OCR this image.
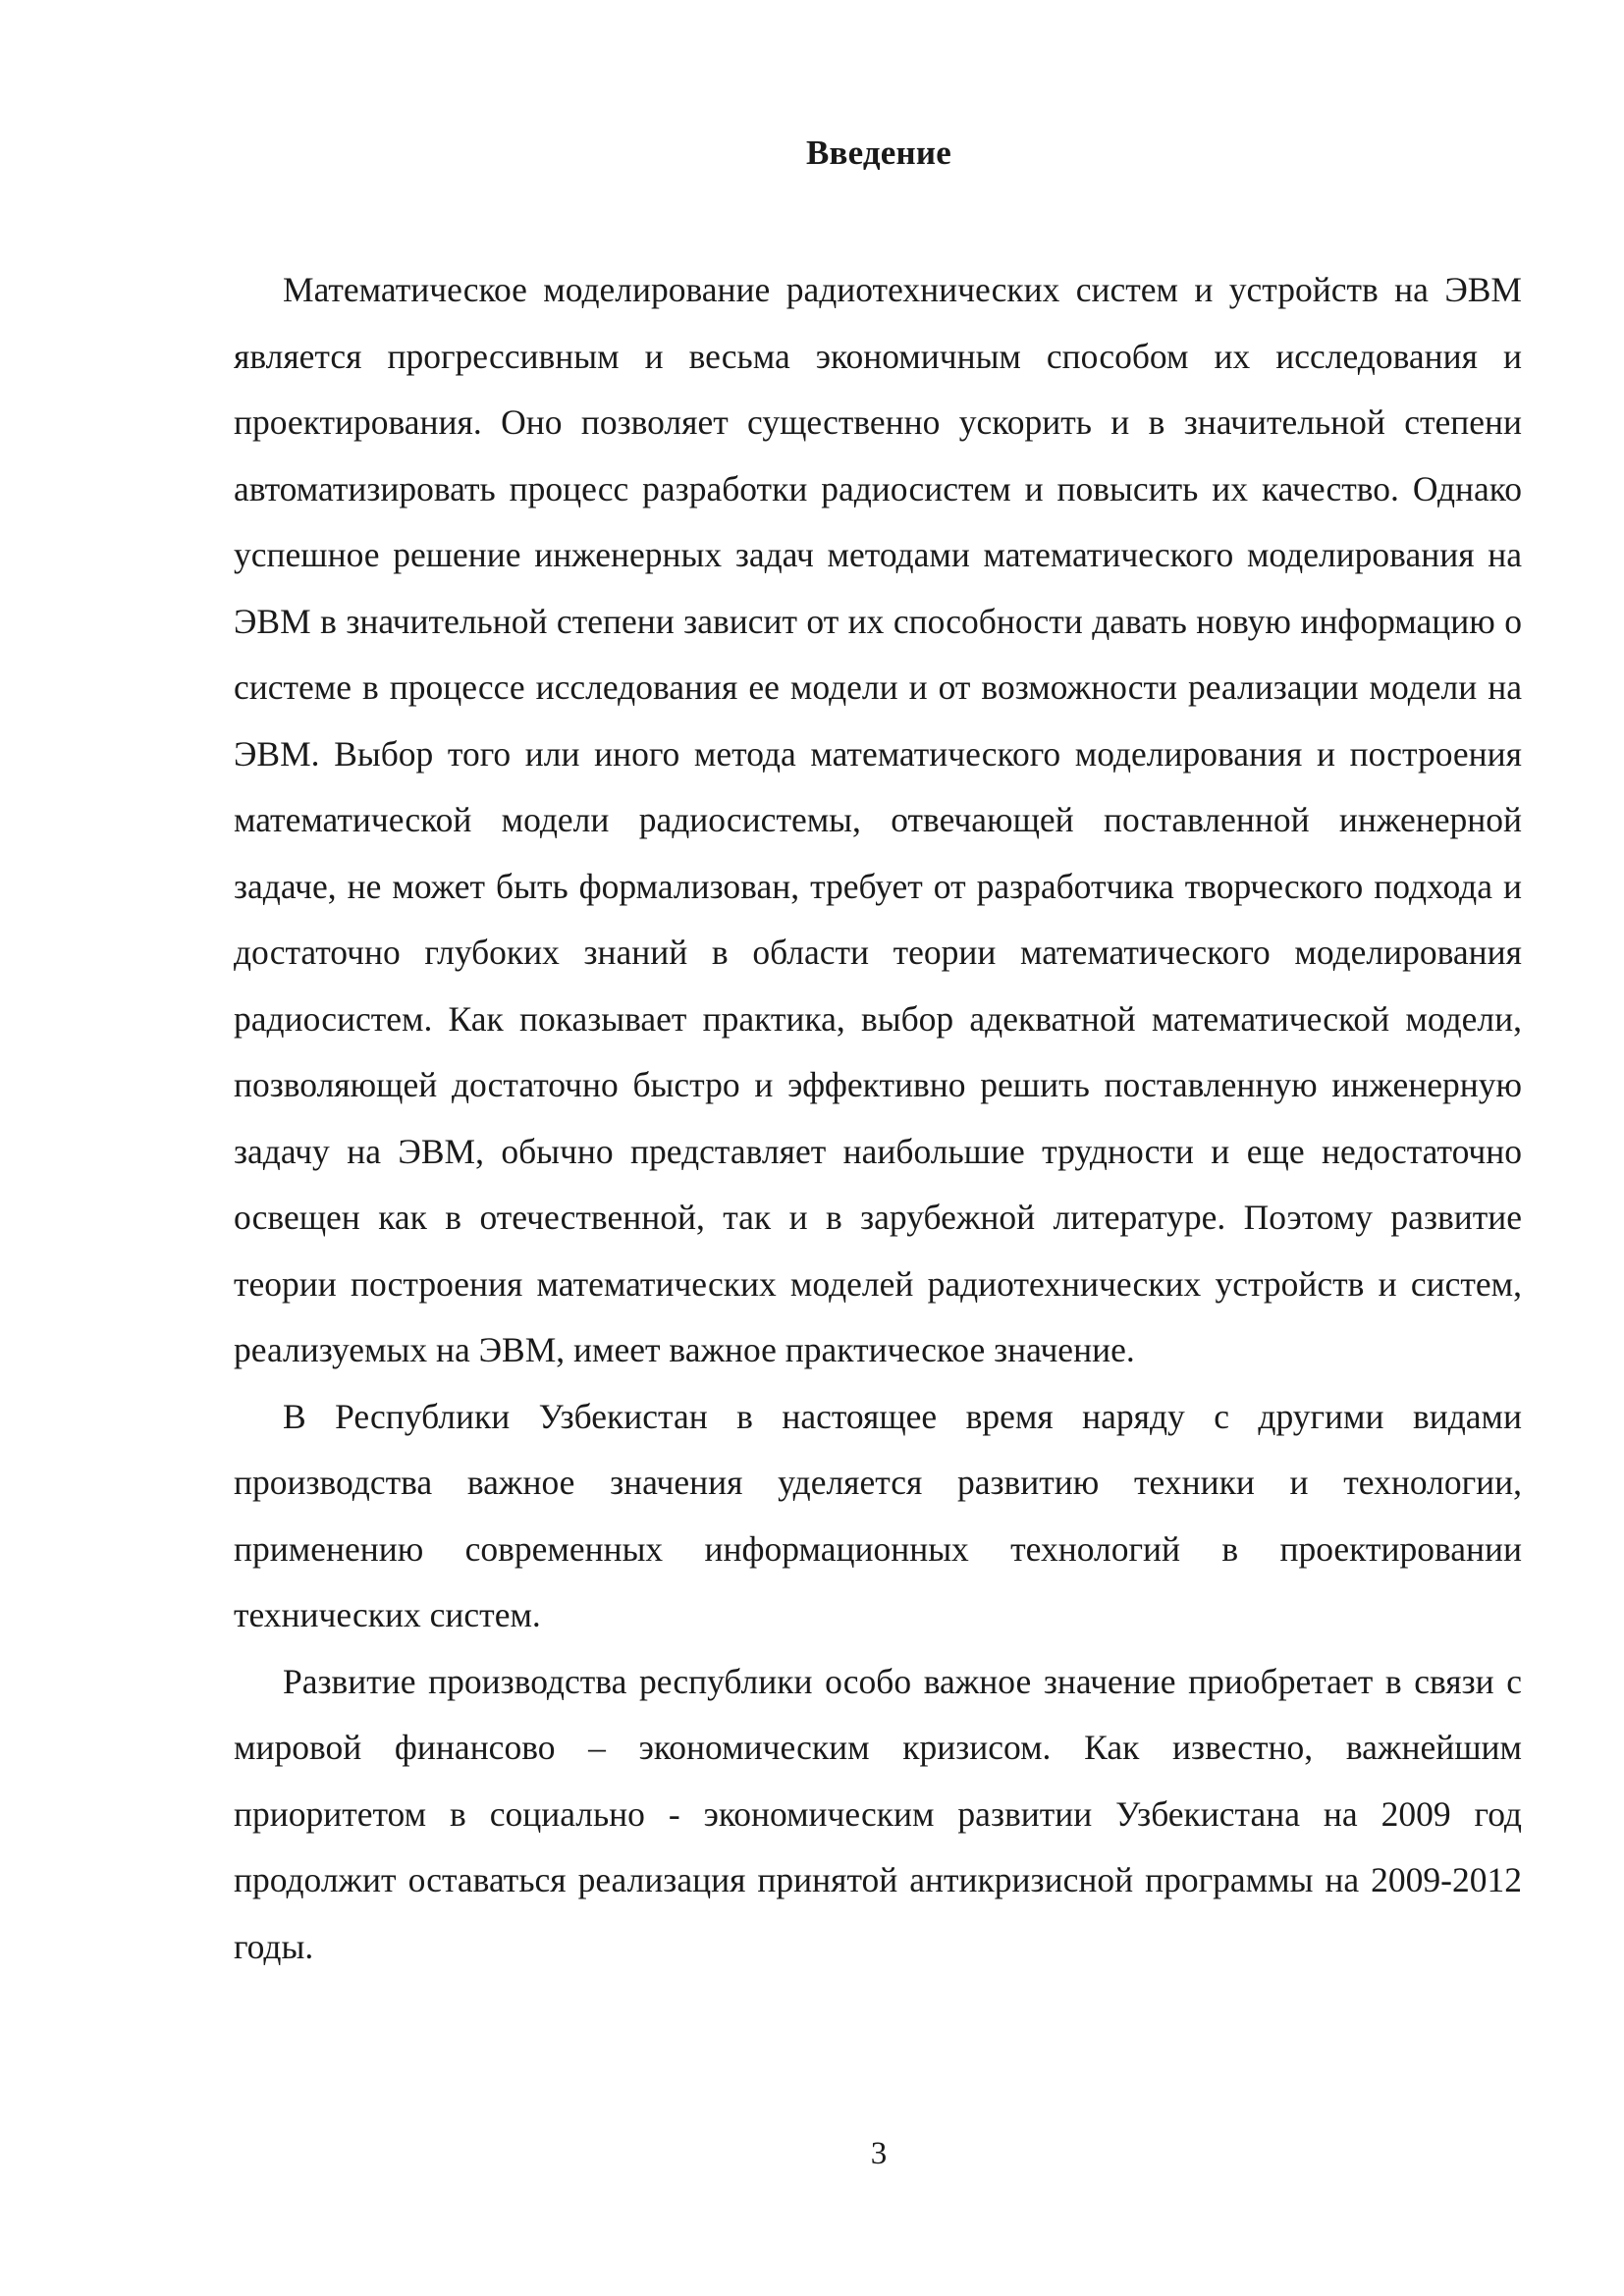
Введение

Математическое моделирование радиотехнических систем и устройств на ЭВМ является прогрессивным и весьма экономичным способом их исследования и проектирования. Оно позволяет существенно ускорить и в значительной степени автоматизировать процесс разработки радиосистем и повысить их качество. Однако успешное решение инженерных задач методами математического моделирования на ЭВМ в значительной степени зависит от их способности давать новую информацию о системе в процессе исследования ее модели и от возможности реализации модели на ЭВМ. Выбор того или иного метода математического моделирования и построения математической модели радиосистемы, отвечающей поставленной инженерной задаче, не может быть формализован, требует от разработчика творческого подхода и достаточно глубоких знаний в области теории математического моделирования радиосистем. Как показывает практика, выбор адекватной математической модели, позволяющей достаточно быстро и эффективно решить поставленную инженерную задачу на ЭВМ, обычно представляет наибольшие трудности и еще недостаточно освещен как в отечественной, так и в зарубежной литературе. Поэтому развитие теории построения математических моделей радиотехнических устройств и систем, реализуемых на ЭВМ, имеет важное практическое значение.

В Республики Узбекистан в настоящее время наряду с другими видами производства важное значения уделяется развитию техники и технологии, применению современных информационных технологий в проектировании технических систем.

Развитие производства республики особо важное значение приобретает в связи с мировой финансово – экономическим кризисом. Как известно, важнейшим приоритетом в социально - экономическим развитии Узбекистана на 2009 год продолжит оставаться реализация принятой антикризисной программы на 2009-2012 годы.

3
